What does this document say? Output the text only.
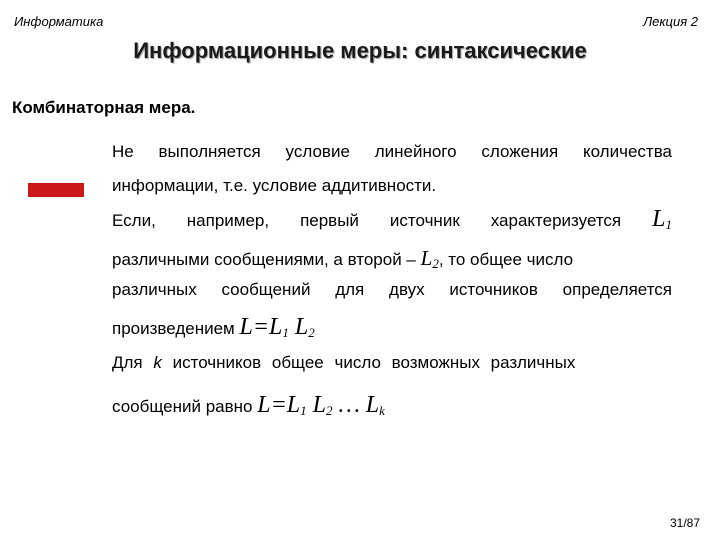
Информатика	Лекция 2
Информационные меры: синтаксические
Комбинаторная мера.
Не выполняется условие линейного сложения количества
информации, т.е. условие аддитивности.
Если, например, первый источник характеризуется $L_1$
различными сообщениями, а второй – $L_2$, то общее число
различных сообщений для двух источников определяется
произведением $L=L_1$ $L_2$
Для k источников общее число возможных различных
сообщений равно $L=L_1$ $L_2$ … $L_k$
31/87
